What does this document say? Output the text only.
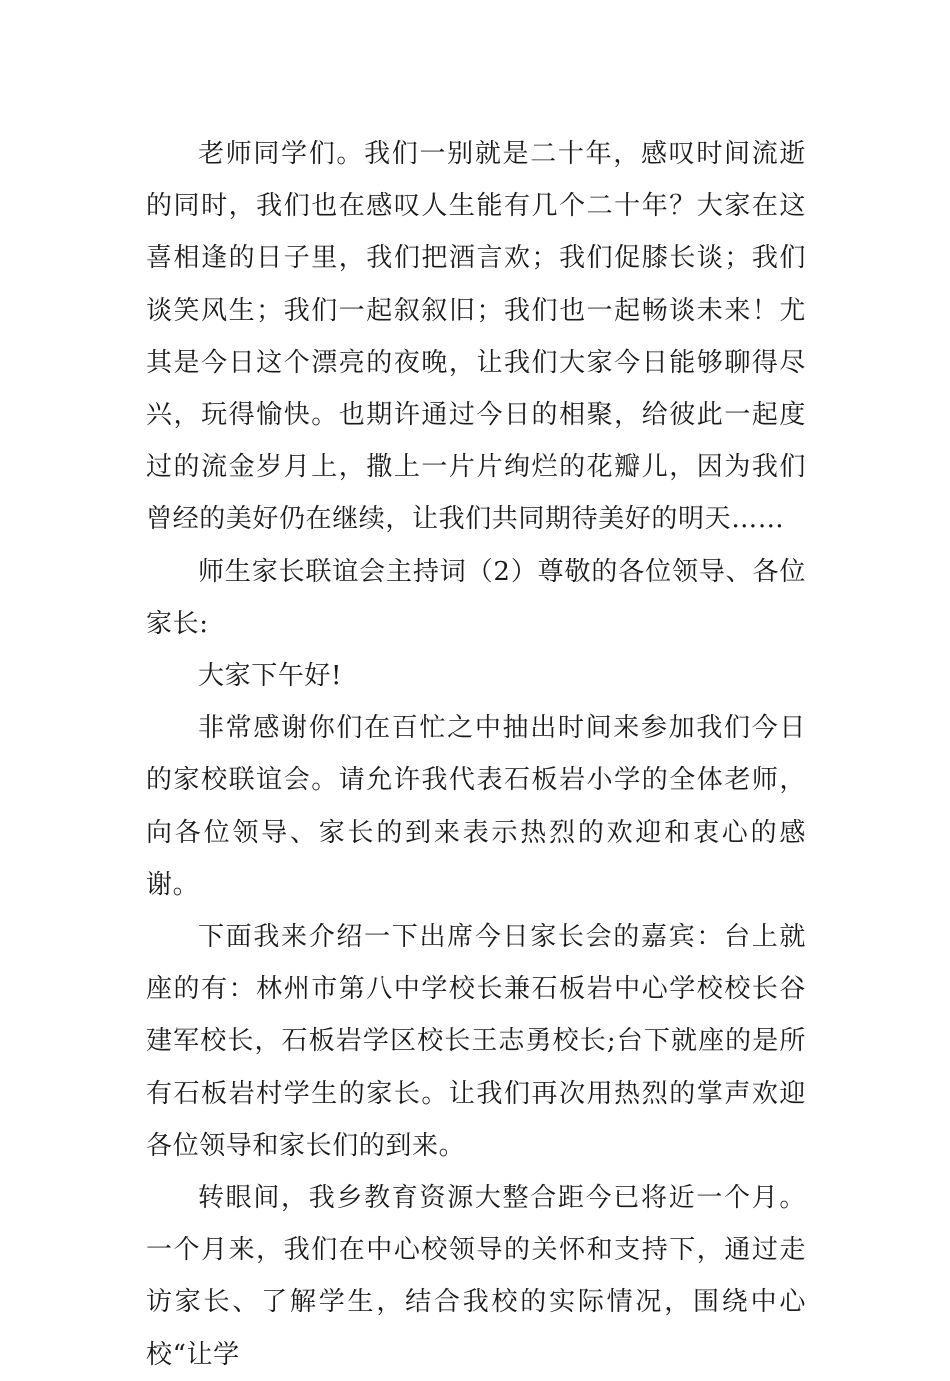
老师同学们。我们一别就是二十年，感叹时间流逝的同时，我们也在感叹人生能有几个二十年？大家在这喜相逢的日子里，我们把酒言欢；我们促膝长谈；我们谈笑风生；我们一起叙叙旧；我们也一起畅谈未来！尤其是今日这个漂亮的夜晚，让我们大家今日能够聊得尽兴，玩得愉快。也期许通过今日的相聚，给彼此一起度过的流金岁月上，撒上一片片绚烂的花瓣儿，因为我们曾经的美好仍在继续，让我们共同期待美好的明天……

师生家长联谊会主持词（2）尊敬的各位领导、各位家长:

大家下午好!

非常感谢你们在百忙之中抽出时间来参加我们今日的家校联谊会。请允许我代表石板岩小学的全体老师，向各位领导、家长的到来表示热烈的欢迎和衷心的感谢。

下面我来介绍一下出席今日家长会的嘉宾：台上就座的有：林州市第八中学校长兼石板岩中心学校校长谷建军校长，石板岩学区校长王志勇校长;台下就座的是所有石板岩村学生的家长。让我们再次用热烈的掌声欢迎各位领导和家长们的到来。

转眼间，我乡教育资源大整合距今已将近一个月。一个月来，我们在中心校领导的关怀和支持下，通过走访家长、了解学生，结合我校的实际情况，围绕中心校“让学
